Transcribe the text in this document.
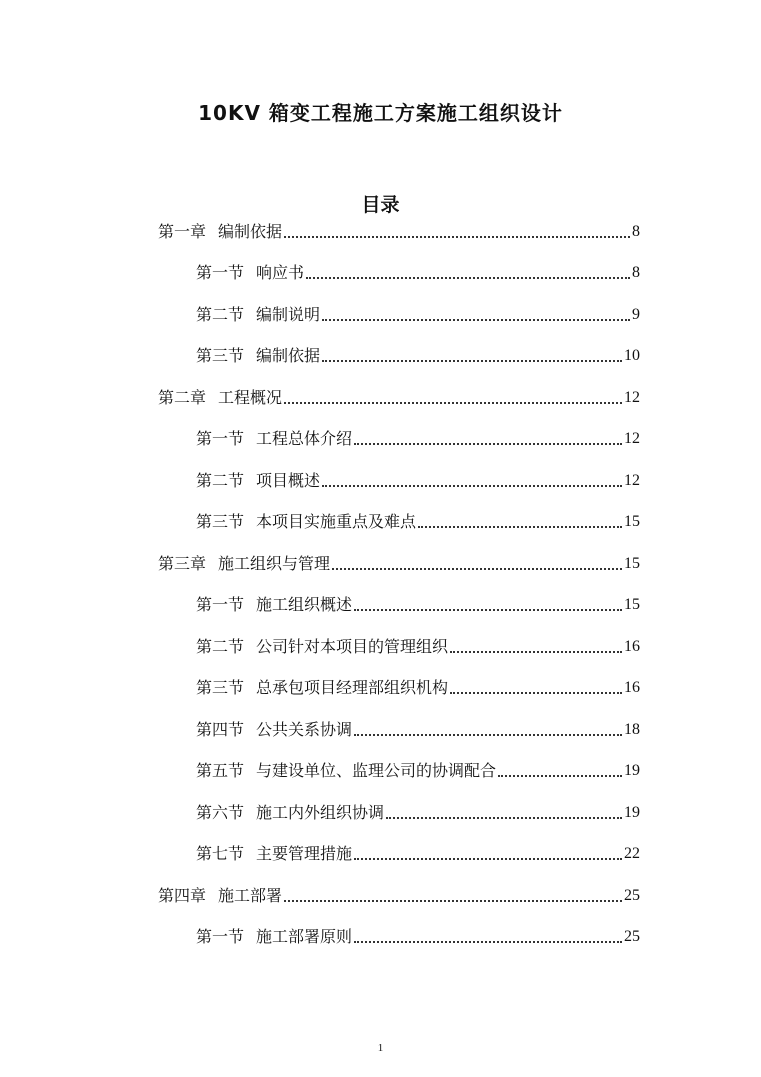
10KV 箱变工程施工方案施工组织设计
目录
第一章 编制依据	8
第一节 响应书	8
第二节 编制说明	9
第三节 编制依据	10
第二章 工程概况	12
第一节 工程总体介绍	12
第二节 项目概述	12
第三节 本项目实施重点及难点	15
第三章 施工组织与管理	15
第一节 施工组织概述	15
第二节 公司针对本项目的管理组织	16
第三节 总承包项目经理部组织机构	16
第四节 公共关系协调	18
第五节 与建设单位、监理公司的协调配合	19
第六节 施工内外组织协调	19
第七节 主要管理措施	22
第四章 施工部署	25
第一节 施工部署原则	25
1
